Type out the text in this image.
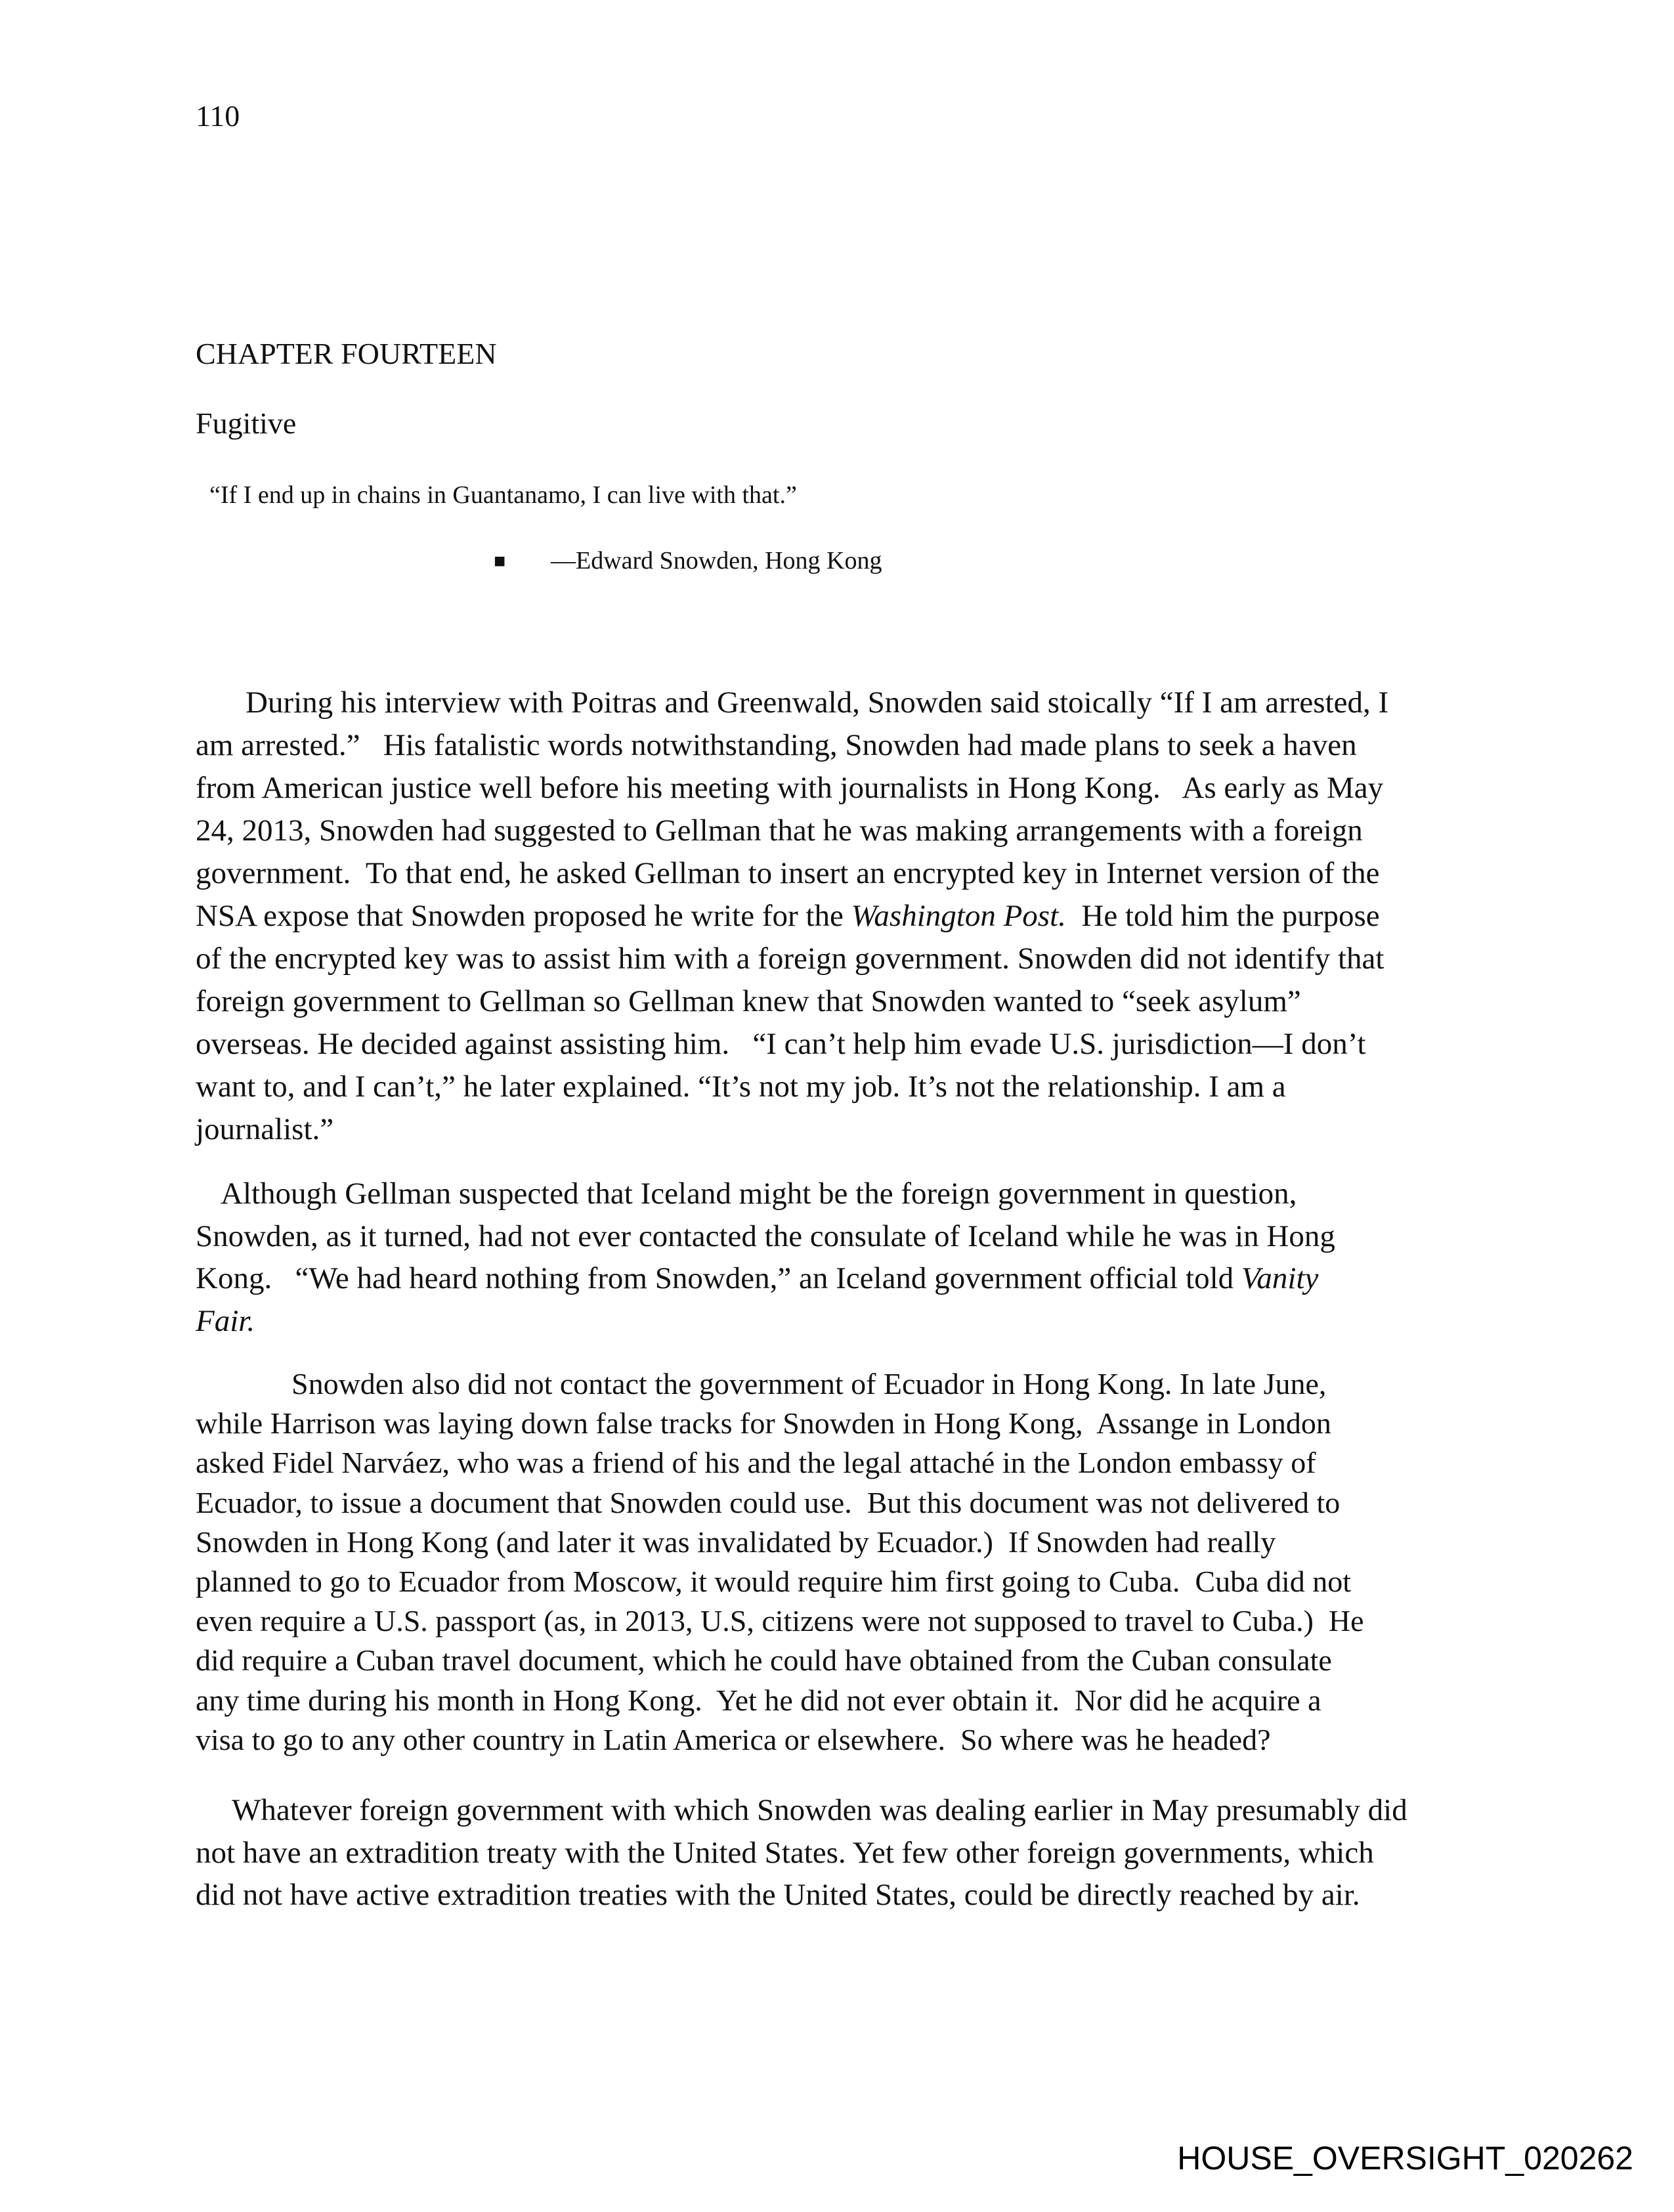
110
CHAPTER FOURTEEN
Fugitive
“If I end up in chains in Guantanamo, I can live with that.”
■ —Edward Snowden, Hong Kong
During his interview with Poitras and Greenwald, Snowden said stoically “If I am arrested, I
am arrested.”   His fatalistic words notwithstanding, Snowden had made plans to seek a haven
from American justice well before his meeting with journalists in Hong Kong.   As early as May
24, 2013, Snowden had suggested to Gellman that he was making arrangements with a foreign
government.  To that end, he asked Gellman to insert an encrypted key in Internet version of the
NSA expose that Snowden proposed he write for the Washington Post.  He told him the purpose
of the encrypted key was to assist him with a foreign government. Snowden did not identify that
foreign government to Gellman so Gellman knew that Snowden wanted to “seek asylum”
overseas. He decided against assisting him.   “I can’t help him evade U.S. jurisdiction—I don’t
want to, and I can’t,” he later explained. “It’s not my job. It’s not the relationship. I am a
journalist.”
Although Gellman suspected that Iceland might be the foreign government in question,
Snowden, as it turned, had not ever contacted the consulate of Iceland while he was in Hong
Kong.   “We had heard nothing from Snowden,” an Iceland government official told Vanity
Fair.
Snowden also did not contact the government of Ecuador in Hong Kong. In late June,
while Harrison was laying down false tracks for Snowden in Hong Kong,  Assange in London
asked Fidel Narváez, who was a friend of his and the legal attaché in the London embassy of
Ecuador, to issue a document that Snowden could use.  But this document was not delivered to
Snowden in Hong Kong (and later it was invalidated by Ecuador.)  If Snowden had really
planned to go to Ecuador from Moscow, it would require him first going to Cuba.  Cuba did not
even require a U.S. passport (as, in 2013, U.S, citizens were not supposed to travel to Cuba.)  He
did require a Cuban travel document, which he could have obtained from the Cuban consulate
any time during his month in Hong Kong.  Yet he did not ever obtain it.  Nor did he acquire a
visa to go to any other country in Latin America or elsewhere.  So where was he headed?
Whatever foreign government with which Snowden was dealing earlier in May presumably did
not have an extradition treaty with the United States. Yet few other foreign governments, which
did not have active extradition treaties with the United States, could be directly reached by air.
HOUSE_OVERSIGHT_020262
